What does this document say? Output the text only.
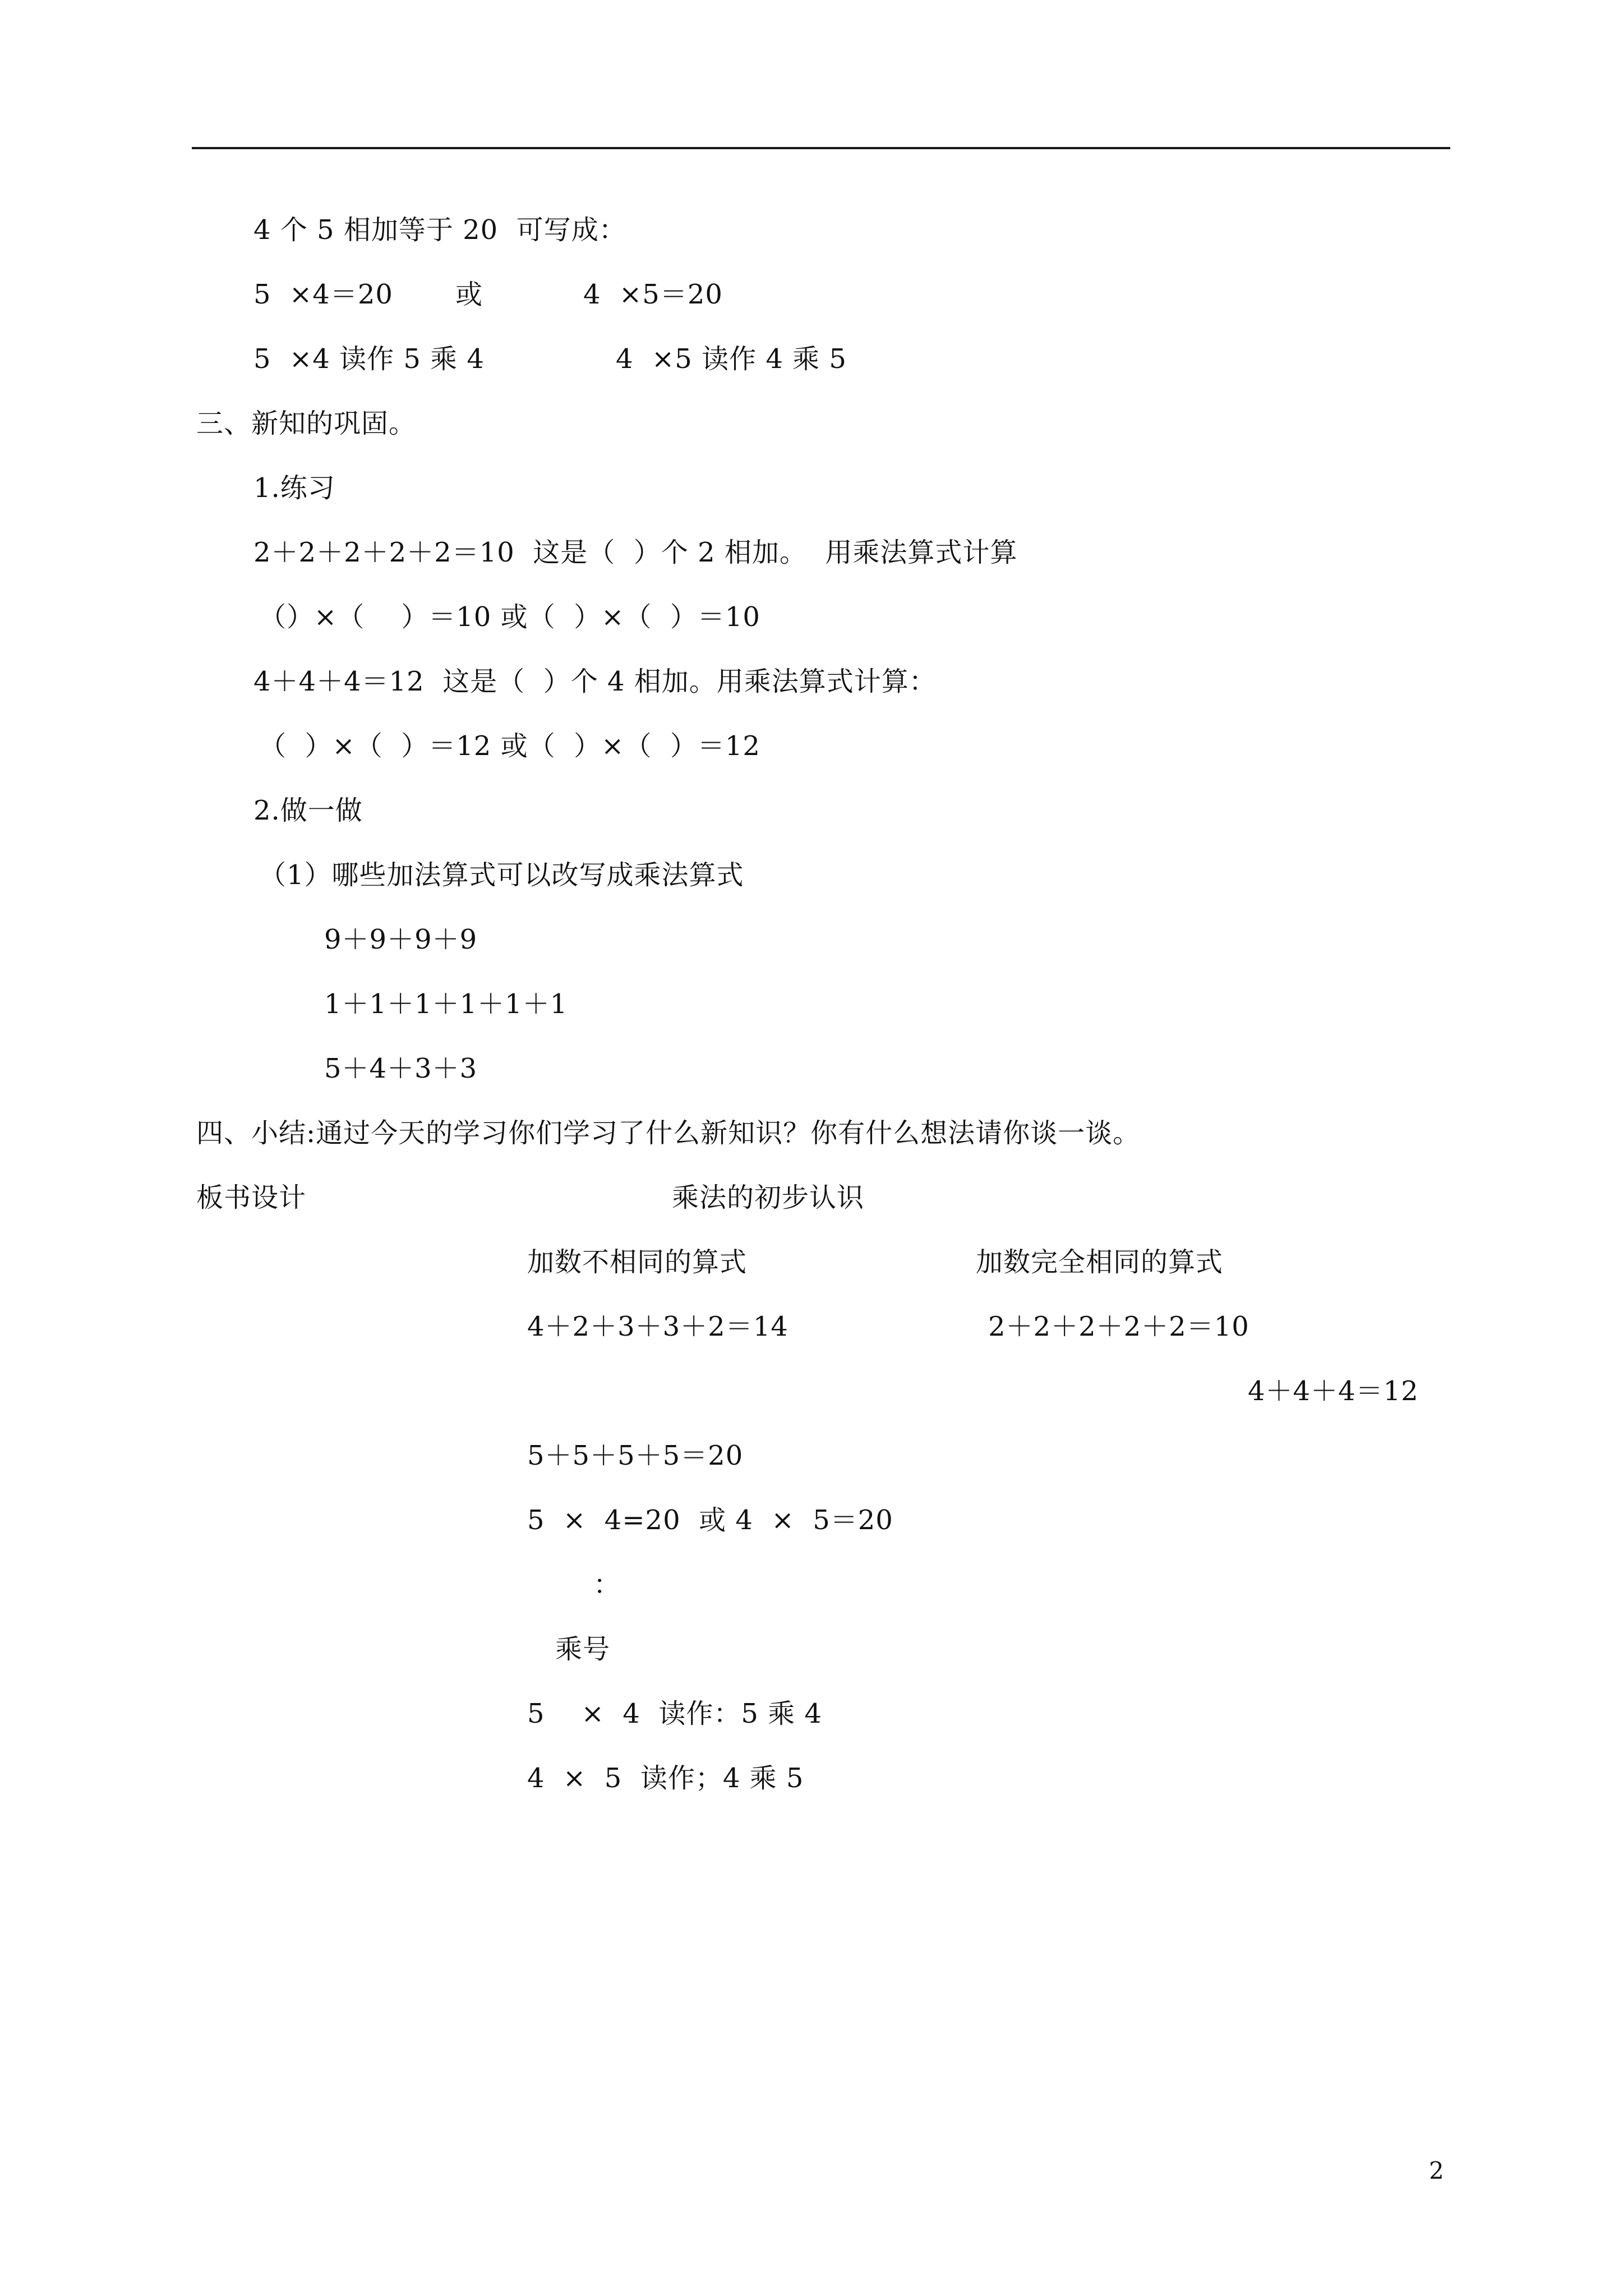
4 个 5 相加等于 20  可写成：
5  ×4＝20 或	4  ×5＝20
5  ×4 读作 5 乘 4	4  ×5 读作 4 乘 5
三、新知的巩固。
1.练习
2＋2＋2＋2＋2＝10  这是（  ）个 2 相加。  用乘法算式计算
（）×（    ）＝10 或（  ）×（  ）＝10
4＋4＋4＝12  这是（  ）个 4 相加。用乘法算式计算：
（  ）×（  ）＝12 或（  ）×（  ）＝12
2.做一做
（1）哪些加法算式可以改写成乘法算式
9＋9＋9＋9
1＋1＋1＋1＋1＋1
5＋4＋3＋3
四、小结:通过今天的学习你们学习了什么新知识？你有什么想法请你谈一谈。
板书设计	乘法的初步认识
加数不相同的算式	加数完全相同的算式
4＋2＋3＋3＋2＝14	2＋2＋2＋2＋2＝10
4＋4＋4＝12
5＋5＋5＋5＝20
5  ×  4=20  或 4  ×  5＝20
：
乘号
5    ×  4  读作：5 乘 4
4  ×  5  读作；4 乘 5
2
